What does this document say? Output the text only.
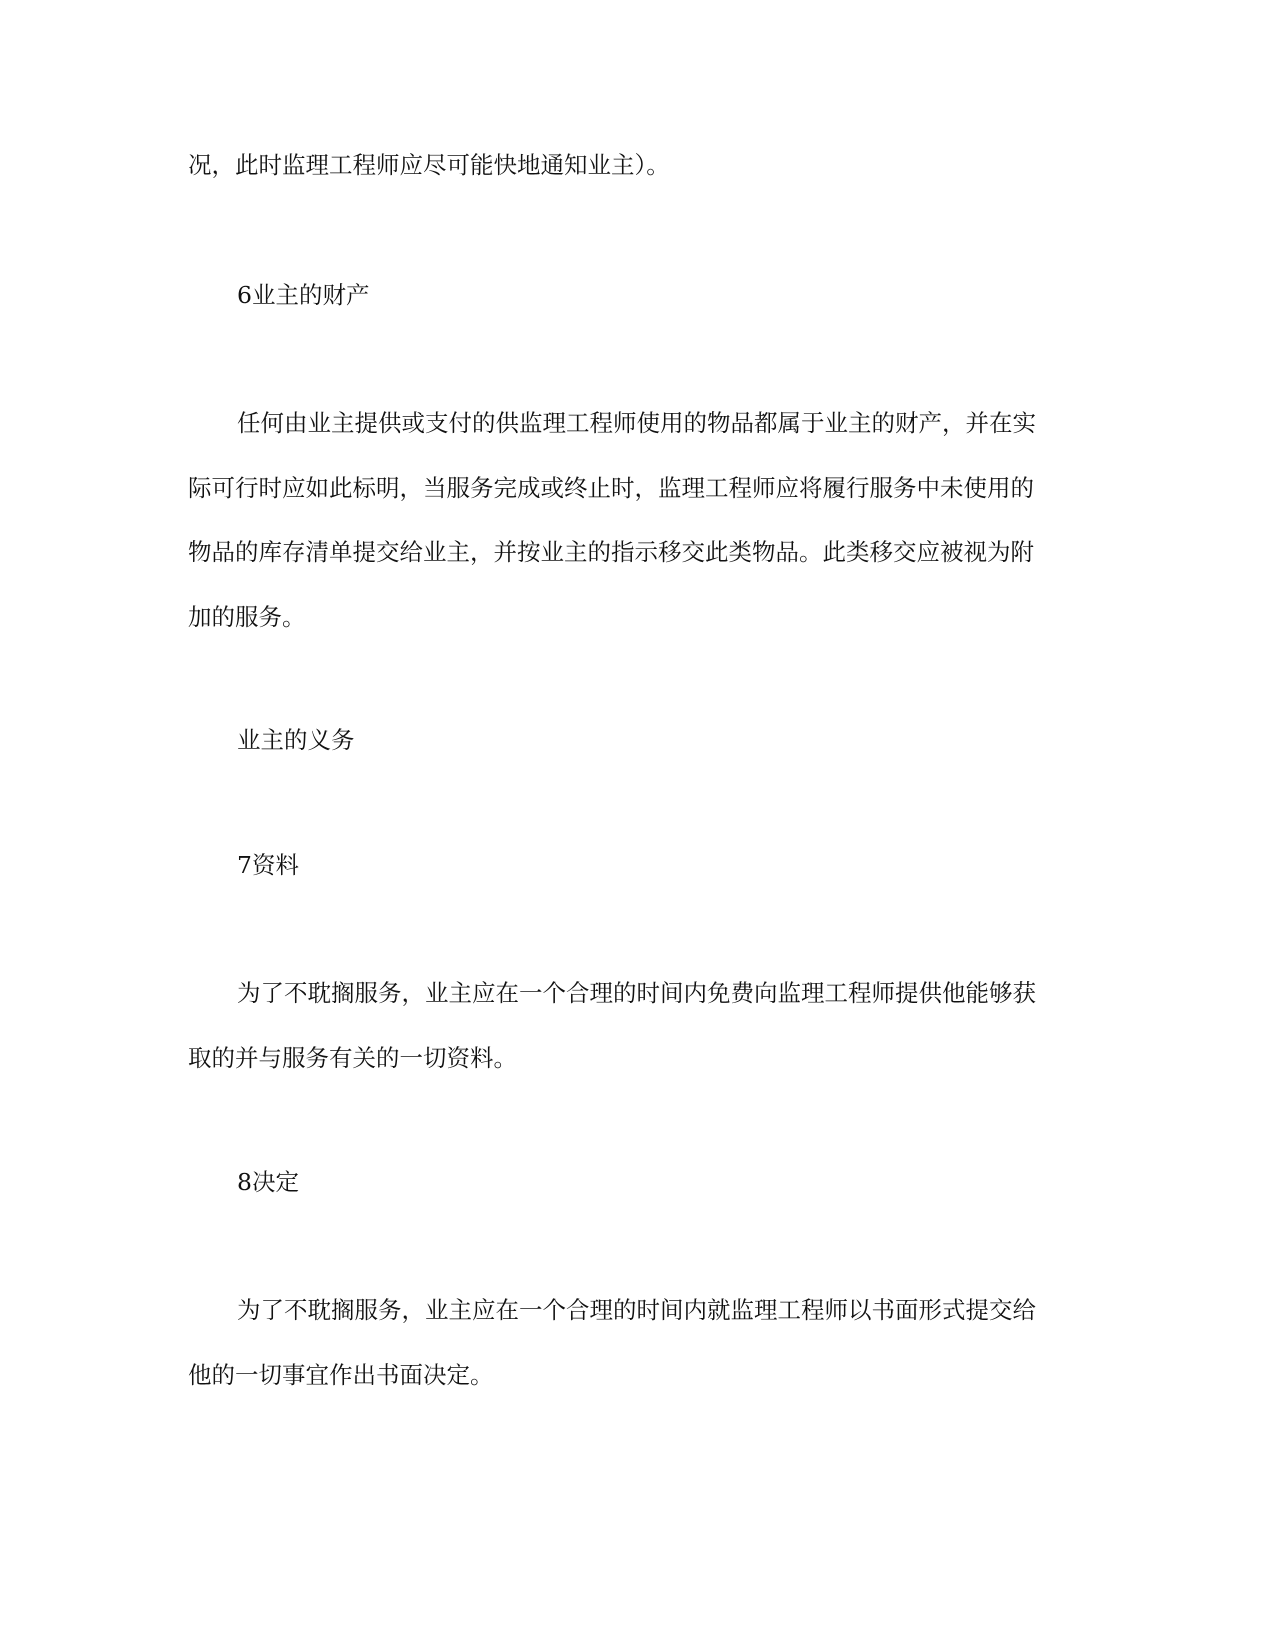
况，此时监理工程师应尽可能快地通知业主）。

6业主的财产

任何由业主提供或支付的供监理工程师使用的物品都属于业主的财产，并在实

际可行时应如此标明，当服务完成或终止时，监理工程师应将履行服务中未使用的

物品的库存清单提交给业主，并按业主的指示移交此类物品。此类移交应被视为附

加的服务。

业主的义务

7资料

为了不耽搁服务，业主应在一个合理的时间内免费向监理工程师提供他能够获

取的并与服务有关的一切资料。

8决定

为了不耽搁服务，业主应在一个合理的时间内就监理工程师以书面形式提交给

他的一切事宜作出书面决定。
